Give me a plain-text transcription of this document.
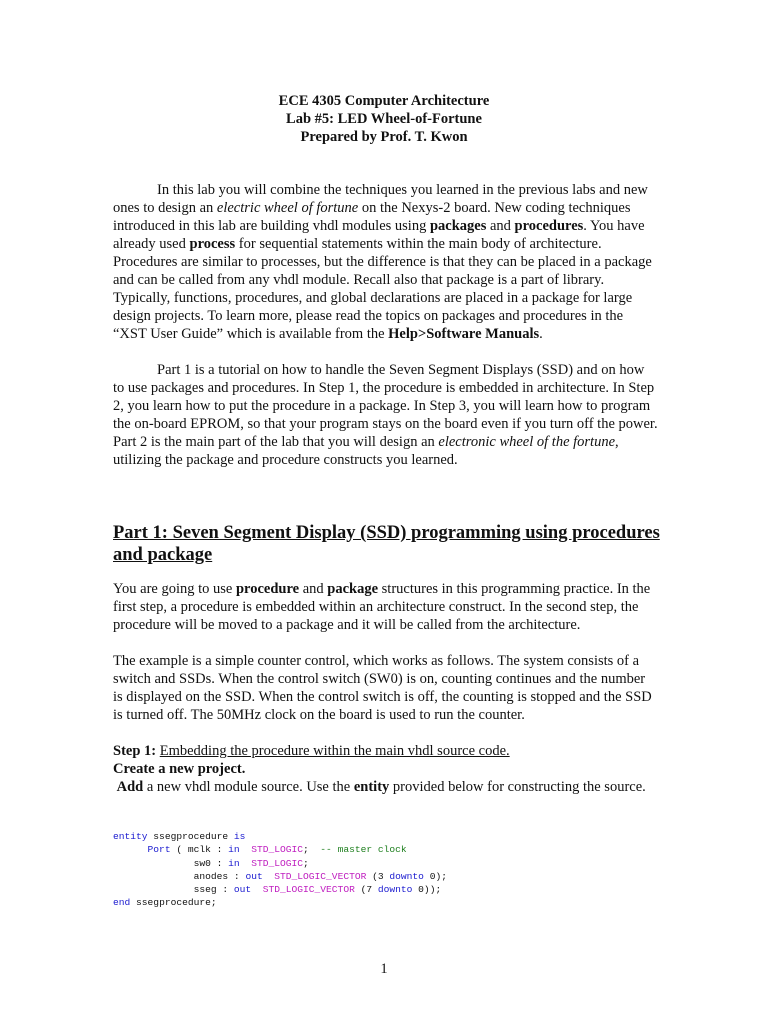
ECE 4305 Computer Architecture
Lab #5: LED Wheel-of-Fortune
Prepared by Prof. T. Kwon
In this lab you will combine the techniques you learned in the previous labs and new ones to design an electric wheel of fortune on the Nexys-2 board. New coding techniques introduced in this lab are building vhdl modules using packages and procedures. You have already used process for sequential statements within the main body of architecture. Procedures are similar to processes, but the difference is that they can be placed in a package and can be called from any vhdl module. Recall also that package is a part of library. Typically, functions, procedures, and global declarations are placed in a package for large design projects. To learn more, please read the topics on packages and procedures in the “XST User Guide” which is available from the Help>Software Manuals.
Part 1 is a tutorial on how to handle the Seven Segment Displays (SSD) and on how to use packages and procedures. In Step 1, the procedure is embedded in architecture. In Step 2, you learn how to put the procedure in a package. In Step 3, you will learn how to program the on-board EPROM, so that your program stays on the board even if you turn off the power. Part 2 is the main part of the lab that you will design an electronic wheel of the fortune, utilizing the package and procedure constructs you learned.
Part 1: Seven Segment Display (SSD) programming using procedures and package
You are going to use procedure and package structures in this programming practice. In the first step, a procedure is embedded within an architecture construct. In the second step, the procedure will be moved to a package and it will be called from the architecture.
The example is a simple counter control, which works as follows. The system consists of a switch and SSDs. When the control switch (SW0) is on, counting continues and the number is displayed on the SSD. When the control switch is off, the counting is stopped and the SSD is turned off. The 50MHz clock on the board is used to run the counter.
Step 1: Embedding the procedure within the main vhdl source code.
Create a new project.
Add a new vhdl module source. Use the entity provided below for constructing the source.
entity ssegprocedure is
Port ( mclk : in STD_LOGIC;  -- master clock
sw0 : in STD_LOGIC;
anodes : out STD_LOGIC_VECTOR (3 downto 0);
sseg : out STD_LOGIC_VECTOR (7 downto 0));
end ssegprocedure;
1
